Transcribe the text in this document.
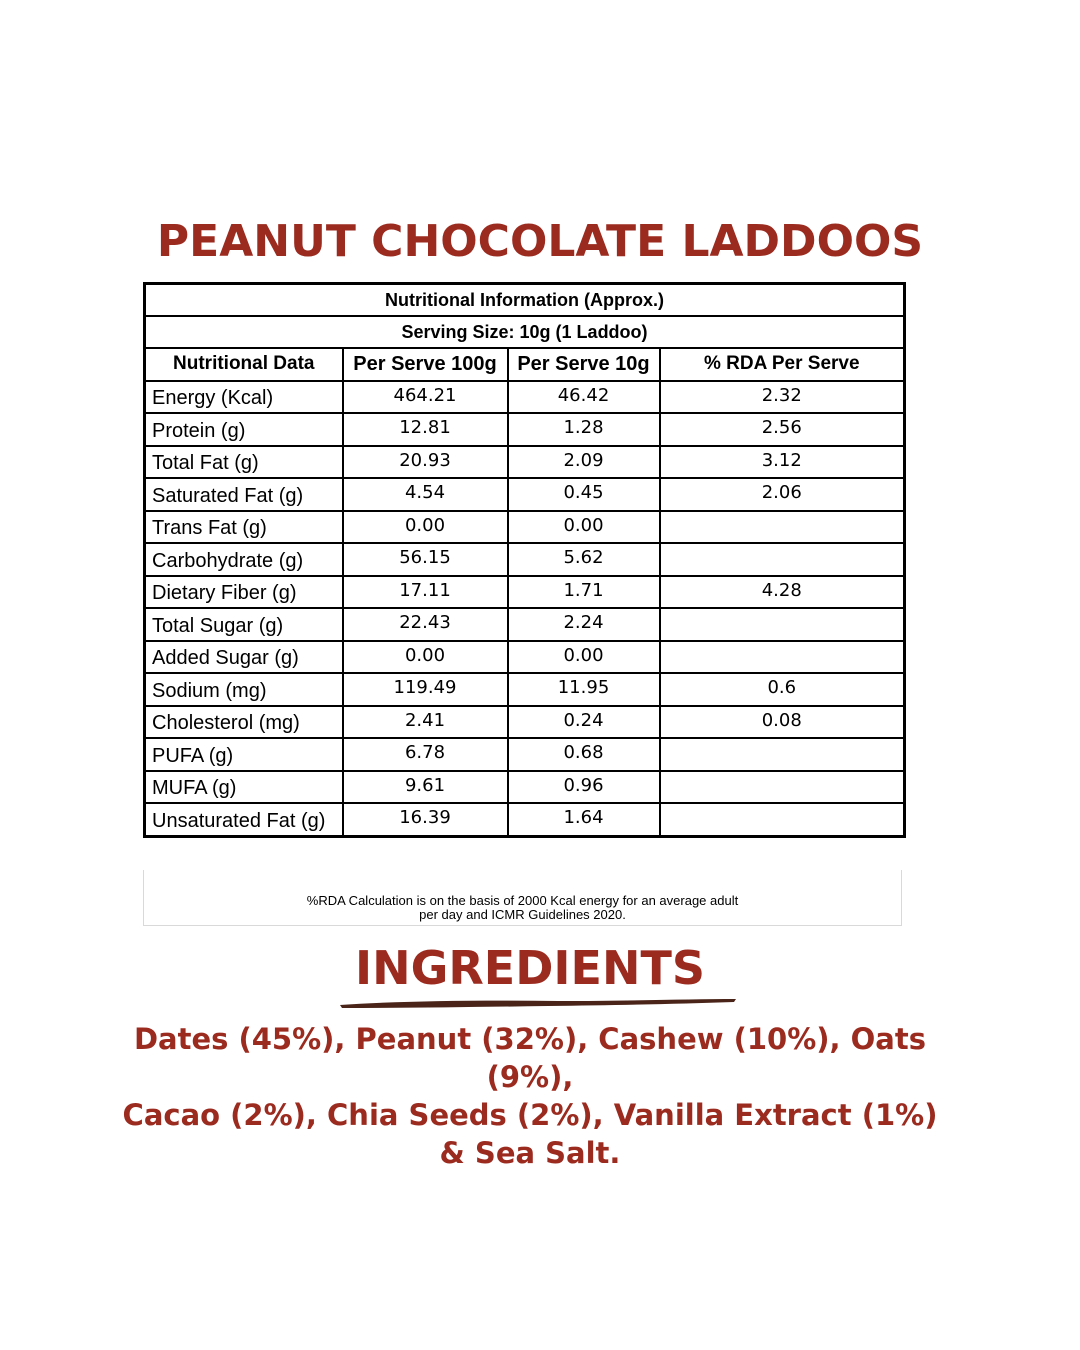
PEANUT CHOCOLATE LADDOOS
Nutritional Information (Approx.)			
Serving Size: 10g (1 Laddoo)			
Nutritional Data	Per Serve 100g	Per Serve 10g	% RDA Per Serve
Energy (Kcal)	464.21	46.42	2.32
Protein (g)	12.81	1.28	2.56
Total Fat (g)	20.93	2.09	3.12
Saturated Fat (g)	4.54	0.45	2.06
Trans Fat (g)	0.00	0.00	
Carbohydrate (g)	56.15	5.62	
Dietary Fiber (g)	17.11	1.71	4.28
Total Sugar (g)	22.43	2.24	
Added Sugar (g)	0.00	0.00	
Sodium (mg)	119.49	11.95	0.6
Cholesterol (mg)	2.41	0.24	0.08
PUFA (g)	6.78	0.68	
MUFA (g)	9.61	0.96	
Unsaturated Fat (g)	16.39	1.64	
%RDA Calculation is on the basis of 2000 Kcal energy for an average adult
per day and ICMR Guidelines 2020.
INGREDIENTS
Dates (45%), Peanut (32%), Cashew (10%), Oats (9%),
Cacao (2%), Chia Seeds (2%), Vanilla Extract (1%)
& Sea Salt.
